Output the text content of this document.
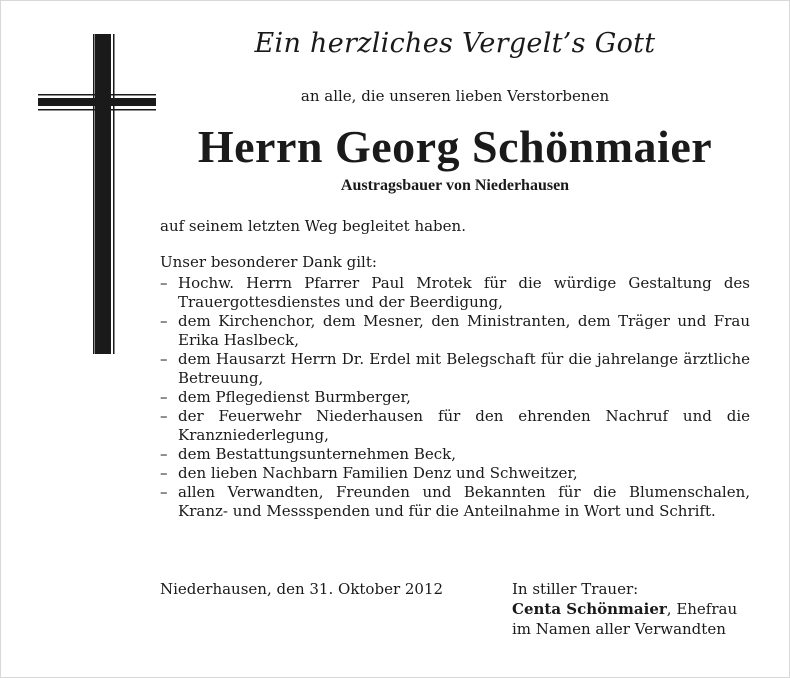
Ein herzliches Vergelt’s Gott
an alle, die unseren lieben Verstorbenen
Herrn Georg Schönmaier
Austragsbauer von Niederhausen
auf seinem letzten Weg begleitet haben.
Unser besonderer Dank gilt:
– Hochw. Herrn Pfarrer Paul Mrotek für die würdige Gestaltung des Trauergottesdienstes und der Beerdigung,
– dem Kirchenchor, dem Mesner, den Ministranten, dem Träger und Frau Erika Haslbeck,
– dem Hausarzt Herrn Dr. Erdel mit Belegschaft für die jahrelange ärztliche Betreuung,
– dem Pflegedienst Burmberger,
– der Feuerwehr Niederhausen für den ehrenden Nachruf und die Kranzniederlegung,
– dem Bestattungsunternehmen Beck,
– den lieben Nachbarn Familien Denz und Schweitzer,
– allen Verwandten, Freunden und Bekannten für die Blumenschalen, Kranz- und Messspenden und für die Anteilnahme in Wort und Schrift.
Niederhausen, den 31. Oktober 2012	In stiller Trauer:
Centa Schönmaier, Ehefrau
im Namen aller Verwandten
